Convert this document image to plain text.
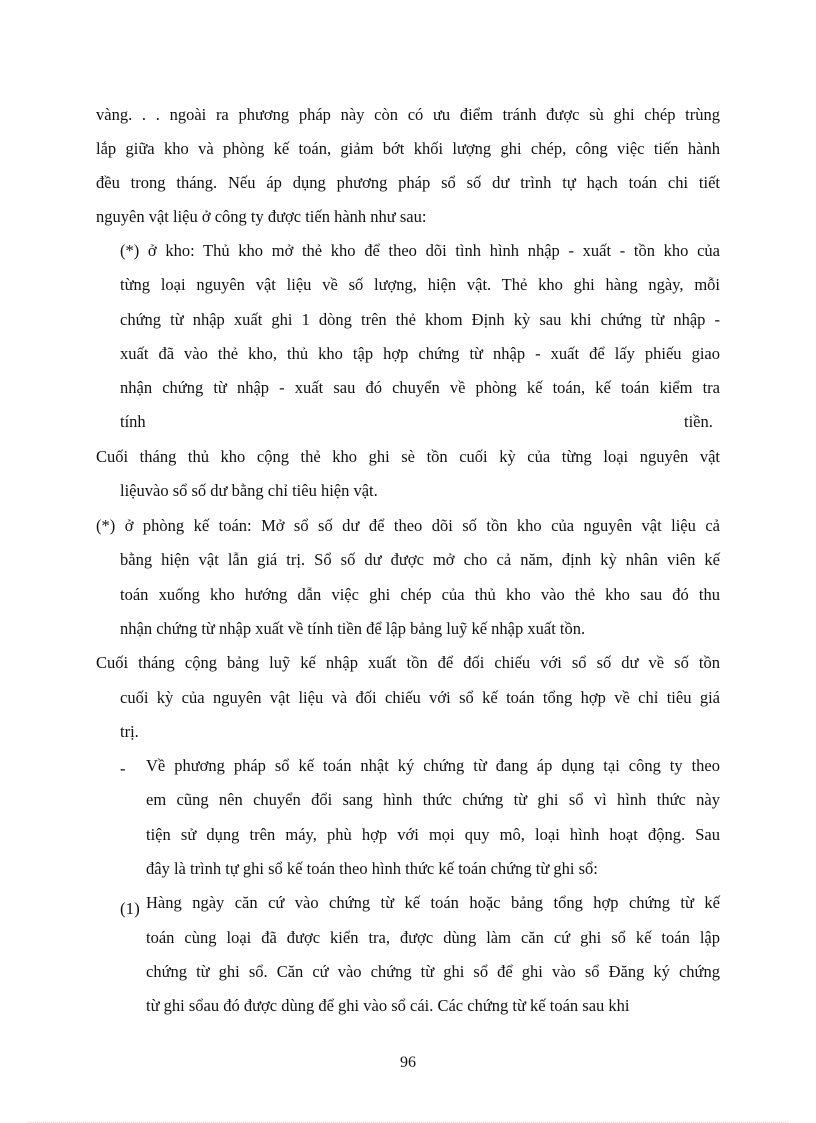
vàng. . . ngoài ra phương pháp này còn có ưu điểm tránh được sù ghi chép trùng
lắp giữa kho và phòng kế toán, giảm bớt khối lượng ghi chép, công việc tiến hành
đều trong tháng. Nếu áp dụng phương pháp sổ số dư trình tự hạch toán chi tiết
nguyên vật liệu ở công ty được tiến hành như sau:
(*) ở kho: Thủ kho mở thẻ kho để theo dõi tình hình nhập - xuất - tồn kho của
từng loại nguyên vật liệu về số lượng, hiện vật. Thẻ kho ghi hàng ngày, mỗi
chứng từ nhập xuất ghi 1 dòng trên thẻ khom Định kỳ sau khi chứng từ nhập -
xuất đã vào thẻ kho, thủ kho tập hợp chứng từ nhập - xuất để lấy phiếu giao
nhận chứng từ nhập - xuất sau đó chuyển về phòng kế toán, kế toán kiểm tra
tính	tiền.
Cuối tháng thủ kho cộng thẻ kho ghi sè tồn cuối kỳ của từng loại nguyên vật
liệuvào sổ số dư bằng chỉ tiêu hiện vật.
(*) ở phòng kế toán: Mở sổ số dư để theo dõi số tồn kho của nguyên vật liệu cả
bằng hiện vật lẫn giá trị. Sổ số dư được mở cho cả năm, định kỳ nhân viên kế
toán xuống kho hướng dẫn việc ghi chép của thủ kho vào thẻ kho sau đó thu
nhận chứng từ nhập xuất về tính tiền để lập bảng luỹ kế nhập xuất tồn.
Cuối tháng cộng bảng luỹ kế nhập xuất tồn để đối chiếu với sổ số dư về số tồn
cuối kỳ của nguyên vật liệu và đối chiếu với sổ kế toán tổng hợp về chỉ tiêu giá
trị.
- Về phương pháp sổ kế toán nhật ký chứng từ đang áp dụng tại công ty theo
em cũng nên chuyển đổi sang hình thức chứng từ ghi sổ vì hình thức này
tiện sử dụng trên máy, phù hợp với mọi quy mô, loại hình hoạt động. Sau
đây là trình tự ghi sổ kế toán theo hình thức kế toán chứng từ ghi sổ:
(1) Hàng ngày căn cứ vào chứng từ kế toán hoặc bảng tổng hợp chứng từ kế
toán cùng loại đã được kiển tra, được dùng làm căn cứ ghi sổ kế toán lập
chứng từ ghi sổ. Căn cứ vào chứng từ ghi sổ để ghi vào sổ Đăng ký chứng
từ ghi sổau đó được dùng để ghi vào sổ cái. Các chứng từ kế toán sau khi
96
